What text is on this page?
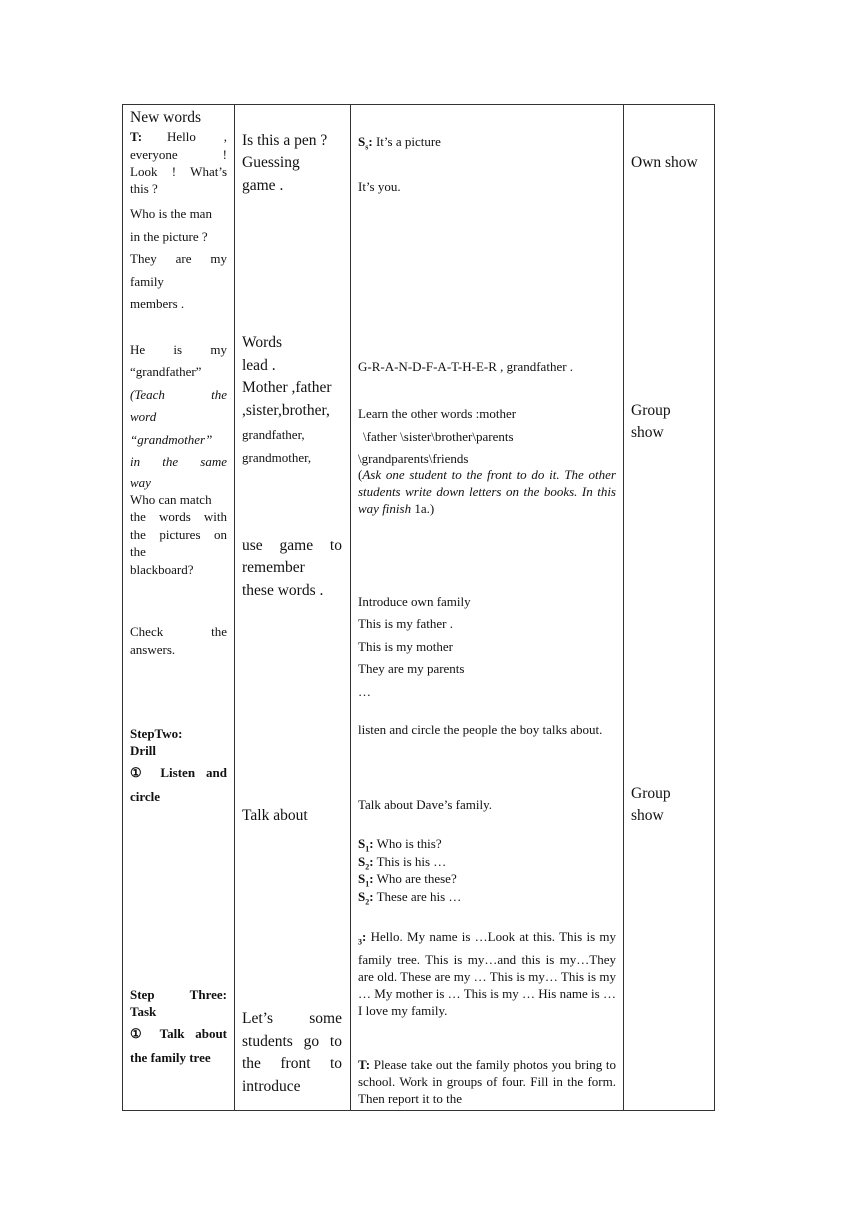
New words
T: Hello ,
everyone !
Look ! What’s
this ?
Who is the man
in the picture ?
They are my
family
members .
He is my
“grandfather”
(Teach the
word
“grandmother”
in the same
way
Who can match
the words with
the pictures on
the
blackboard?
Check the
answers.
StepTwo:
Drill
① Listen and
circle
Step Three:
Task
① Talk about
the family tree
Is this a pen ?
Guessing
game .
Words
lead .
Mother ,father
,sister,brother,
grandfather,
grandmother,
use game to
remember
these words .
Talk about
Let’s some
students go to
the front to
introduce
$S_s$: It’s a picture
It’s you.
G-R-A-N-D-F-A-T-H-E-R , grandfather .
Learn the other words :mother
\father \sister\brother\parents
\grandparents\friends
(Ask one student to the front to do it. The other students write down letters on the books. In this way finish 1a.)
Introduce own family
This is my father .
This is my mother
They are my parents
…
listen and circle the people the boy talks about.
Talk about Dave’s family.
$S_1$: Who is this?
$S_2$: This is his …
$S_1$: Who are these?
$S_2$: These are his …
$_3$: Hello. My name is …Look at this. This is my family tree. This is my…and this is my…They are old. These are my … This is my… This is my … My mother is … This is my … His name is … I love my family.
T: Please take out the family photos you bring to school. Work in groups of four. Fill in the form. Then report it to the
Own show
Group
show
Group
show
